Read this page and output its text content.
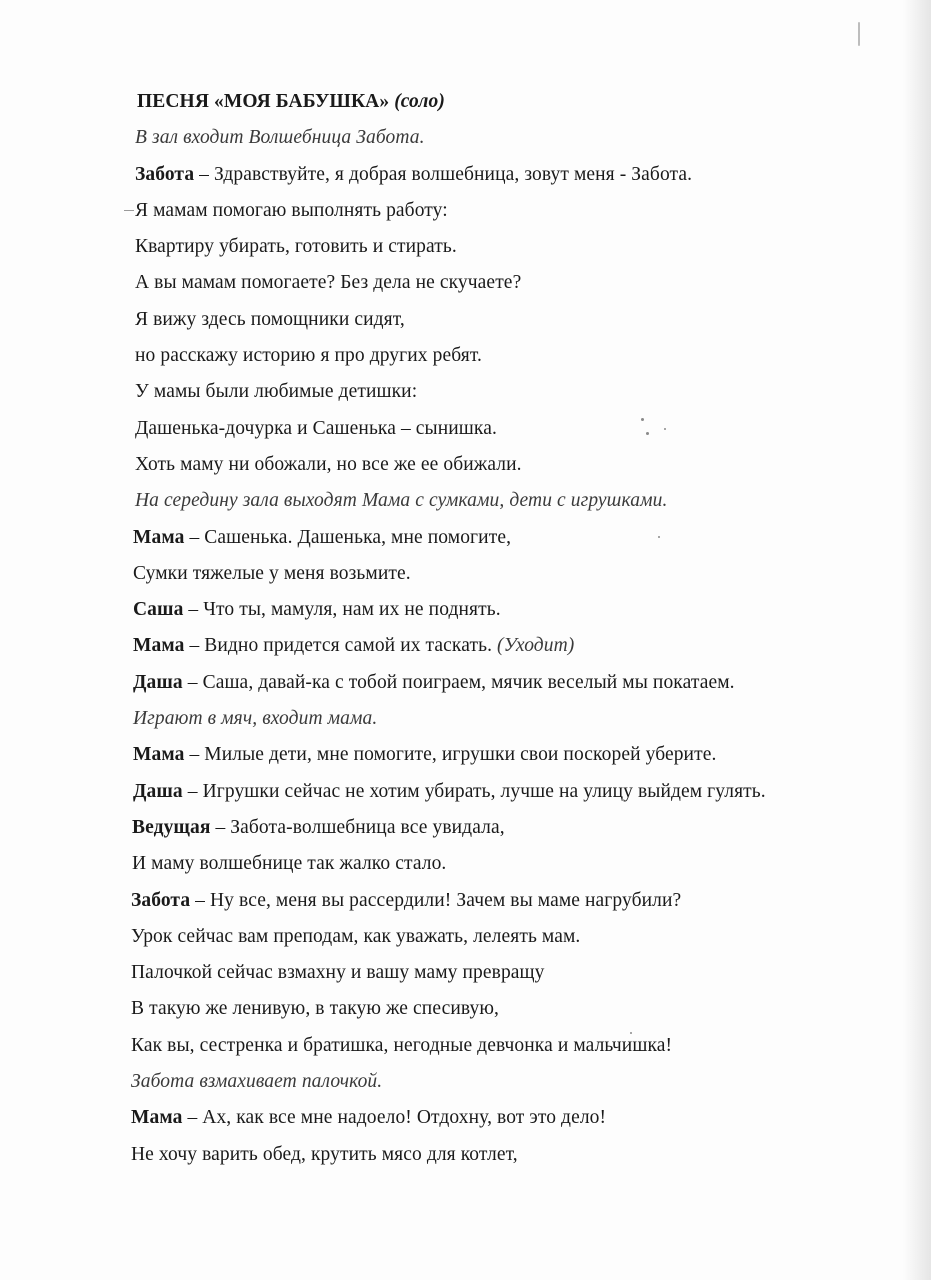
ПЕСНЯ «МОЯ БАБУШКА» (соло)
В зал входит Волшебница Забота.
Забота – Здравствуйте, я добрая волшебница, зовут меня - Забота.
Я мамам помогаю выполнять работу:
Квартиру убирать, готовить и стирать.
А вы мамам помогаете? Без дела не скучаете?
Я вижу здесь помощники сидят,
но расскажу историю я про других ребят.
У мамы были любимые детишки:
Дашенька-дочурка и Сашенька – сынишка.
Хоть маму ни обожали, но все же ее обижали.
На середину зала выходят Мама с сумками, дети с игрушками.
Мама – Сашенька. Дашенька, мне помогите,
Сумки тяжелые у меня возьмите.
Саша – Что ты, мамуля, нам их не поднять.
Мама – Видно придется самой их таскать. (Уходит)
Даша – Саша, давай-ка с тобой поиграем, мячик веселый мы покатаем.
Играют в мяч, входит мама.
Мама – Милые дети, мне помогите, игрушки свои поскорей уберите.
Даша – Игрушки сейчас не хотим убирать, лучше на улицу выйдем гулять.
Ведущая – Забота-волшебница все увидала,
И маму волшебнице так жалко стало.
Забота – Ну все, меня вы рассердили! Зачем вы маме нагрубили?
Урок сейчас вам преподам, как уважать, лелеять мам.
Палочкой сейчас взмахну и вашу маму превращу
В такую же ленивую, в такую же спесивую,
Как вы, сестренка и братишка, негодные девчонка и мальчишка!
Забота взмахивает палочкой.
Мама – Ах, как все мне надоело! Отдохну, вот это дело!
Не хочу варить обед, крутить мясо для котлет,
